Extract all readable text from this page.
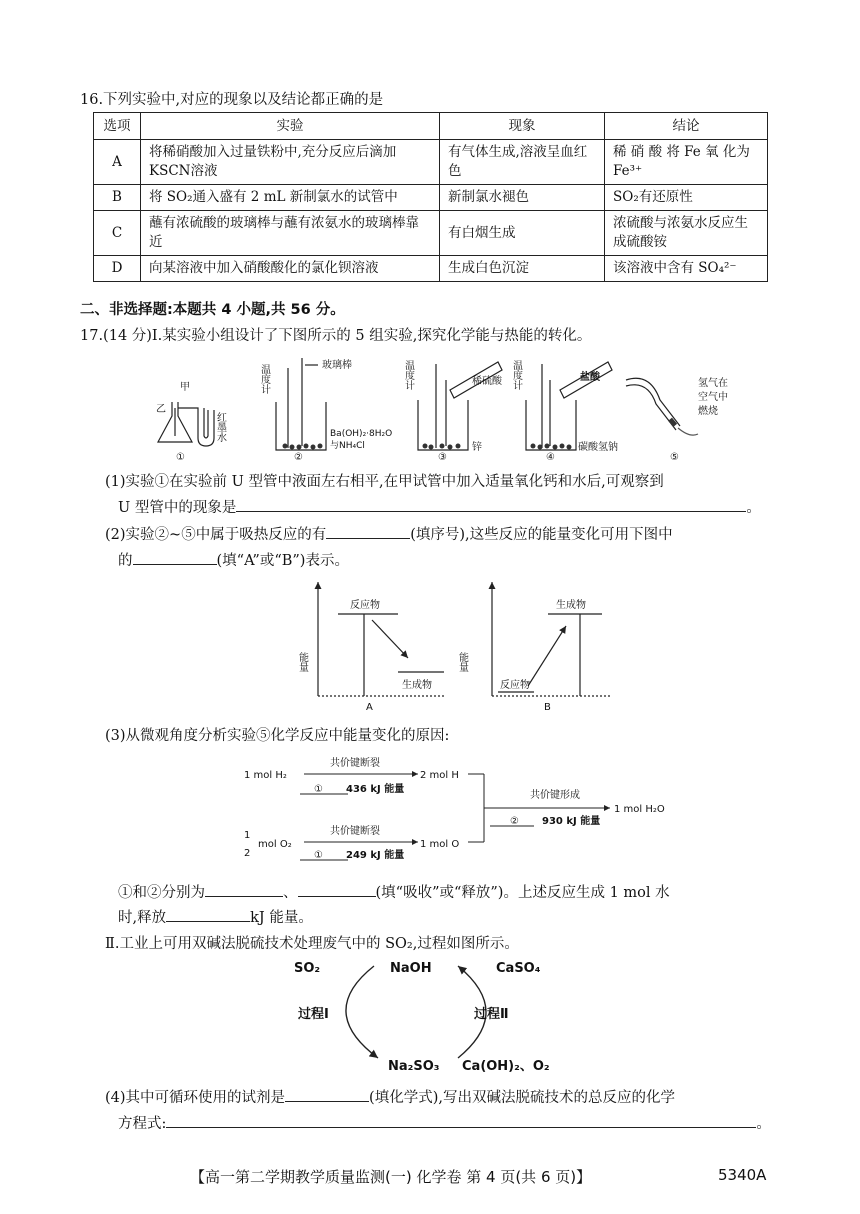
16.下列实验中,对应的现象以及结论都正确的是
选项	实验	现象	结论
A	将稀硝酸加入过量铁粉中,充分反应后滴加KSCN溶液	有气体生成,溶液呈血红色	稀 硝 酸 将 Fe 氧 化为 Fe³⁺
B	将 SO₂通入盛有 2 mL 新制氯水的试管中	新制氯水褪色	SO₂有还原性
C	蘸有浓硫酸的玻璃棒与蘸有浓氨水的玻璃棒靠近	有白烟生成	浓硫酸与浓氨水反应生成硫酸铵
D	向某溶液中加入硝酸酸化的氯化钡溶液	生成白色沉淀	该溶液中含有 SO₄²⁻
二、非选择题:本题共 4 小题,共 56 分。
17.(14 分)Ⅰ.某实验小组设计了下图所示的 5 组实验,探究化学能与热能的转化。
甲
乙
红墨水
温度计	玻璃棒
Ba(OH)₂·8H₂O
与NH₄Cl
温度计	稀硫酸
锌
温度计	盐酸
碳酸氢钠
氢气在
空气中
燃烧
①	②	③	④	⑤
(1)实验①在实验前 U 型管中液面左右相平,在甲试管中加入适量氧化钙和水后,可观察到
U 型管中的现象是	。
(2)实验②~⑤中属于吸热反应的有	(填序号),这些反应的能量变化可用下图中
的	(填“A”或“B”)表示。
能量
反应物
生成物
A
能量
生成物
反应物
B
(3)从微观角度分析实验⑤化学反应中能量变化的原因:
1 mol H₂
共价键断裂
2 mol H
① 436 kJ 能量
1
2
mol O₂
共价键断裂
1 mol O
① 249 kJ 能量
共价键形成
② 930 kJ 能量
1 mol H₂O
①和②分别为	、	(填“吸收”或“释放”)。上述反应生成 1 mol 水
时,释放	kJ 能量。
Ⅱ.工业上可用双碱法脱硫技术处理废气中的 SO₂,过程如图所示。
SO₂	NaOH	CaSO₄
过程Ⅰ	过程Ⅱ
Na₂SO₃ Ca(OH)₂、O₂
(4)其中可循环使用的试剂是	(填化学式),写出双碱法脱硫技术的总反应的化学
方程式:	。
【高一第二学期教学质量监测(一) 化学卷 第 4 页(共 6 页)】	5340A
